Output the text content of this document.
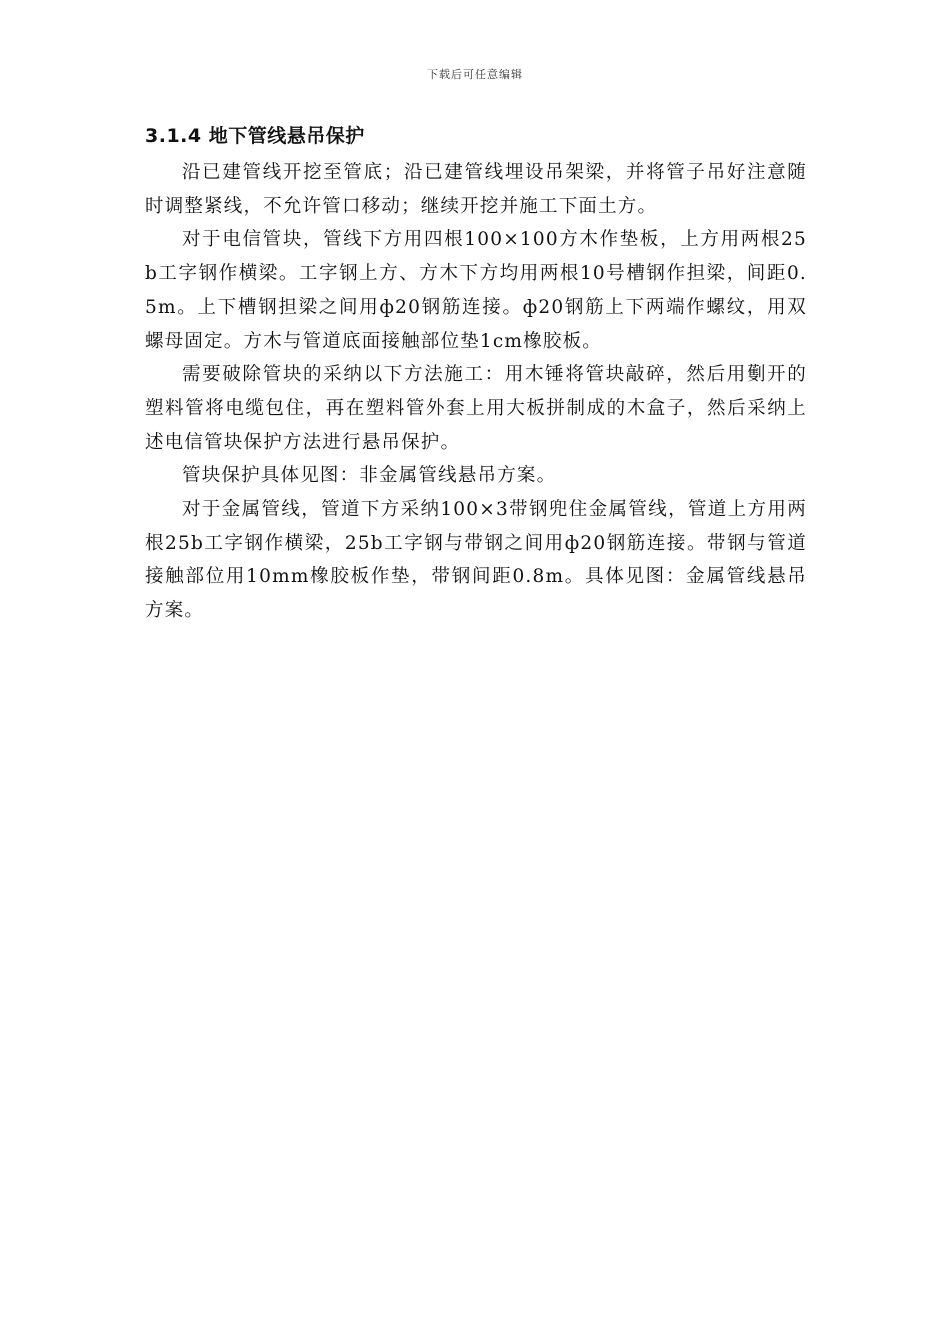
下载后可任意编辑
3.1.4 地下管线悬吊保护

沿已建管线开挖至管底；沿已建管线埋设吊架梁，并将管子吊好注意随时调整紧线，不允许管口移动；继续开挖并施工下面土方。

对于电信管块，管线下方用四根100×100方木作垫板，上方用两根25b工字钢作横梁。工字钢上方、方木下方均用两根10号槽钢作担梁，间距0.5m。上下槽钢担梁之间用ф20钢筋连接。ф20钢筋上下两端作螺纹，用双螺母固定。方木与管道底面接触部位垫1cm橡胶板。

需要破除管块的采纳以下方法施工：用木锤将管块敲碎，然后用劐开的塑料管将电缆包住，再在塑料管外套上用大板拼制成的木盒子，然后采纳上述电信管块保护方法进行悬吊保护。

管块保护具体见图：非金属管线悬吊方案。

对于金属管线，管道下方采纳100×3带钢兜住金属管线，管道上方用两根25b工字钢作横梁，25b工字钢与带钢之间用ф20钢筋连接。带钢与管道接触部位用10mm橡胶板作垫，带钢间距0.8m。具体见图：金属管线悬吊方案。
